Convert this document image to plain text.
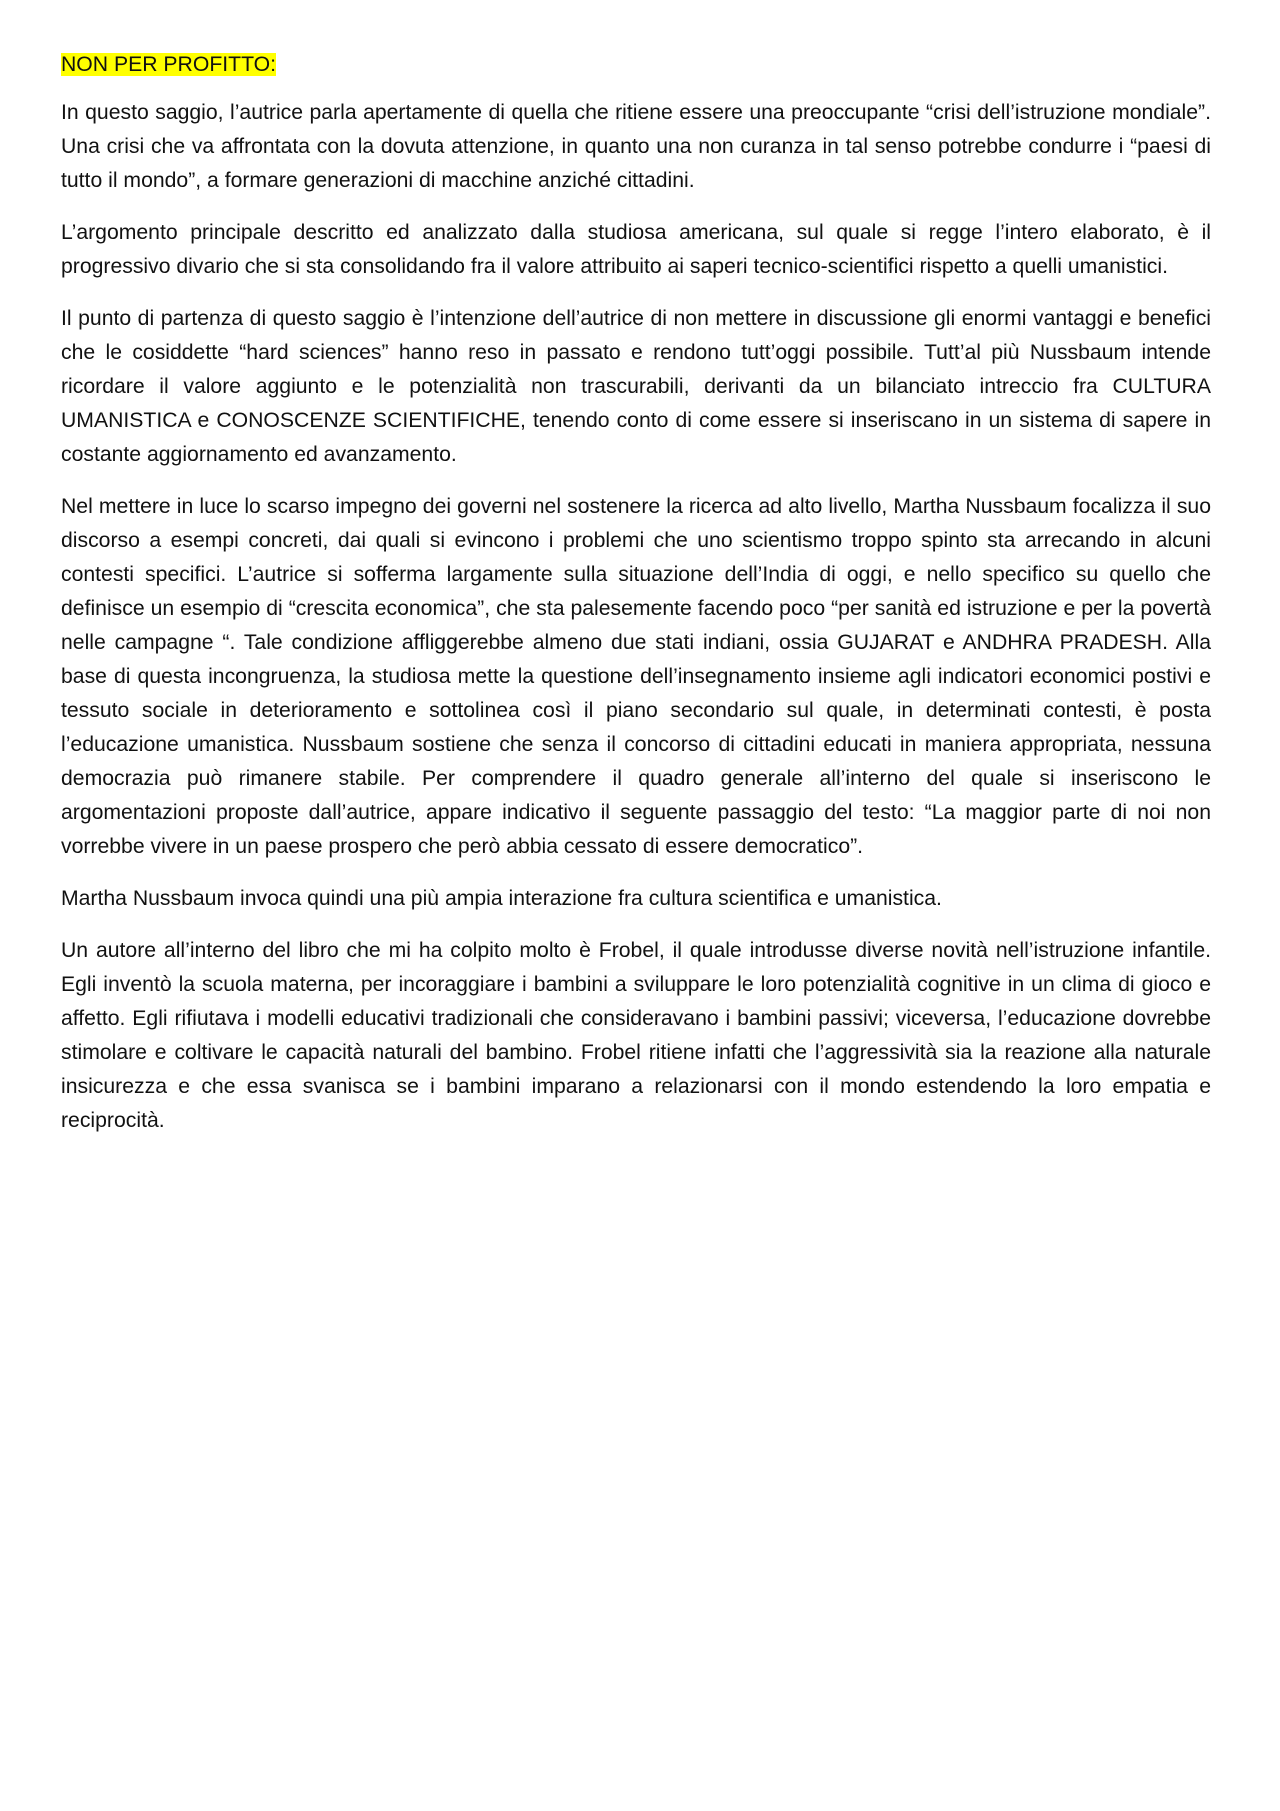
NON PER PROFITTO:

In questo saggio, l’autrice parla apertamente di quella che ritiene essere una preoccupante “crisi dell’istruzione mondiale”. Una crisi che va affrontata con la dovuta attenzione, in quanto una non curanza in tal senso potrebbe condurre i “paesi di tutto il mondo”, a formare generazioni di macchine anziché cittadini.

L’argomento principale descritto ed analizzato dalla studiosa americana, sul quale si regge l’intero elaborato, è il progressivo divario che si sta consolidando fra il valore attribuito ai saperi tecnico-scientifici rispetto a quelli umanistici.

Il punto di partenza di questo saggio è l’intenzione dell’autrice di non mettere in discussione gli enormi vantaggi e benefici che le cosiddette “hard sciences” hanno reso in passato e rendono tutt’oggi possibile. Tutt’al più Nussbaum intende ricordare il valore aggiunto e le potenzialità non trascurabili, derivanti da un bilanciato intreccio fra CULTURA UMANISTICA e CONOSCENZE SCIENTIFICHE, tenendo conto di come essere si inseriscano in un sistema di sapere in costante aggiornamento ed avanzamento.

Nel mettere in luce lo scarso impegno dei governi nel sostenere la ricerca ad alto livello, Martha Nussbaum focalizza il suo discorso a esempi concreti, dai quali si evincono i problemi che uno scientismo troppo spinto sta arrecando in alcuni contesti specifici. L’autrice si sofferma largamente sulla situazione dell’India di oggi, e nello specifico su quello che definisce un esempio di “crescita economica”, che sta palesemente facendo poco “per sanità ed istruzione e per la povertà nelle campagne “. Tale condizione affliggerebbe almeno due stati indiani, ossia GUJARAT e ANDHRA PRADESH. Alla base di questa incongruenza, la studiosa mette la questione dell’insegnamento insieme agli indicatori economici postivi e tessuto sociale in deterioramento e sottolinea così il piano secondario sul quale, in determinati contesti, è posta l’educazione umanistica. Nussbaum sostiene che senza il concorso di cittadini educati in maniera appropriata, nessuna democrazia può rimanere stabile. Per comprendere il quadro generale all’interno del quale si inseriscono le argomentazioni proposte dall’autrice, appare indicativo il seguente passaggio del testo: “La maggior parte di noi non vorrebbe vivere in un paese prospero che però abbia cessato di essere democratico”.

Martha Nussbaum invoca quindi una più ampia interazione fra cultura scientifica e umanistica.

Un autore all’interno del libro che mi ha colpito molto è Frobel, il quale introdusse diverse novità nell’istruzione infantile. Egli inventò la scuola materna, per incoraggiare i bambini a sviluppare le loro potenzialità cognitive in un clima di gioco e affetto. Egli rifiutava i modelli educativi tradizionali che consideravano i bambini passivi; viceversa, l’educazione dovrebbe stimolare e coltivare le capacità naturali del bambino. Frobel ritiene infatti che l’aggressività sia la reazione alla naturale insicurezza e che essa svanisca se i bambini imparano a relazionarsi con il mondo estendendo la loro empatia e reciprocità.
